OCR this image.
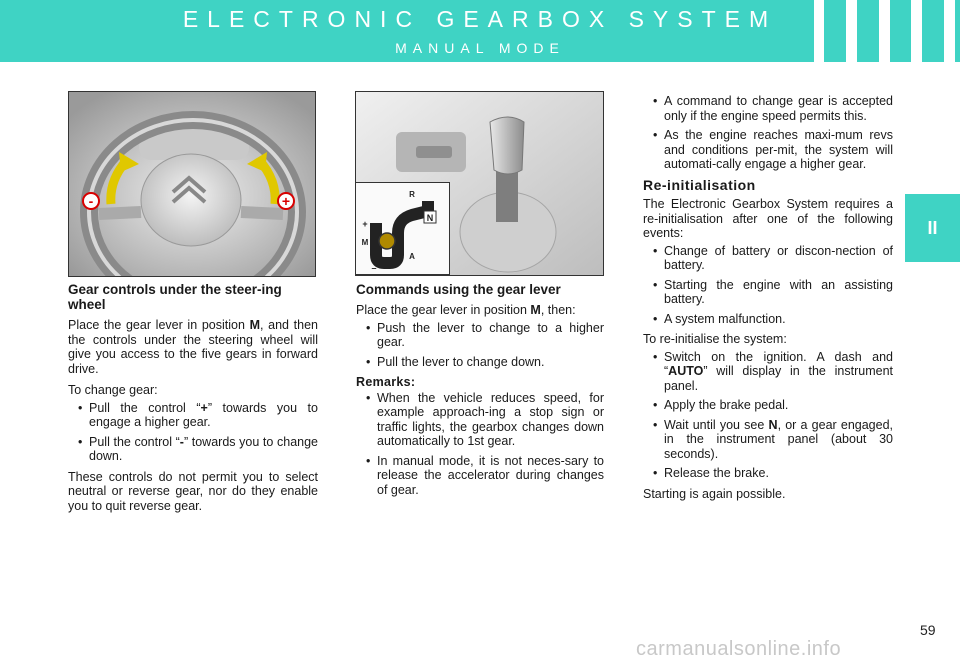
ELECTRONIC GEARBOX SYSTEM
MANUAL MODE
II
-	+
N
R
+
M
–
A
Gear controls under the steer-ing wheel

Place the gear lever in position M, and then the controls under the steering wheel will give you access to the five gears in forward drive.

To change gear:

• Pull the control “+” towards you to engage a higher gear.
• Pull the control “-” towards you to change down.

These controls do not permit you to select neutral or reverse gear, nor do they enable you to quit reverse gear.

Commands using the gear lever

Place the gear lever in position M, then:

• Push the lever to change to a higher gear.
• Pull the lever to change down.
Remarks:
• When the vehicle reduces speed, for example approach-ing a stop sign or traffic lights, the gearbox changes down automatically to 1st gear.
• In manual mode, it is not neces-sary to release the accelerator during changes of gear.
• A command to change gear is accepted only if the engine speed permits this.
• As the engine reaches maxi-mum revs and conditions per-mit, the system will automati-cally engage a higher gear.
Re-initialisation

The Electronic Gearbox System requires a re-initialisation after one of the following events:

• Change of battery or discon-nection of battery.
• Starting the engine with an assisting battery.
• A system malfunction.

To re-initialise the system:

• Switch on the ignition. A dash and “AUTO” will display in the instrument panel.
• Apply the brake pedal.
• Wait until you see N, or a gear engaged, in the instrument panel (about 30 seconds).
• Release the brake.

Starting is again possible.

59
carmanualsonline.info
